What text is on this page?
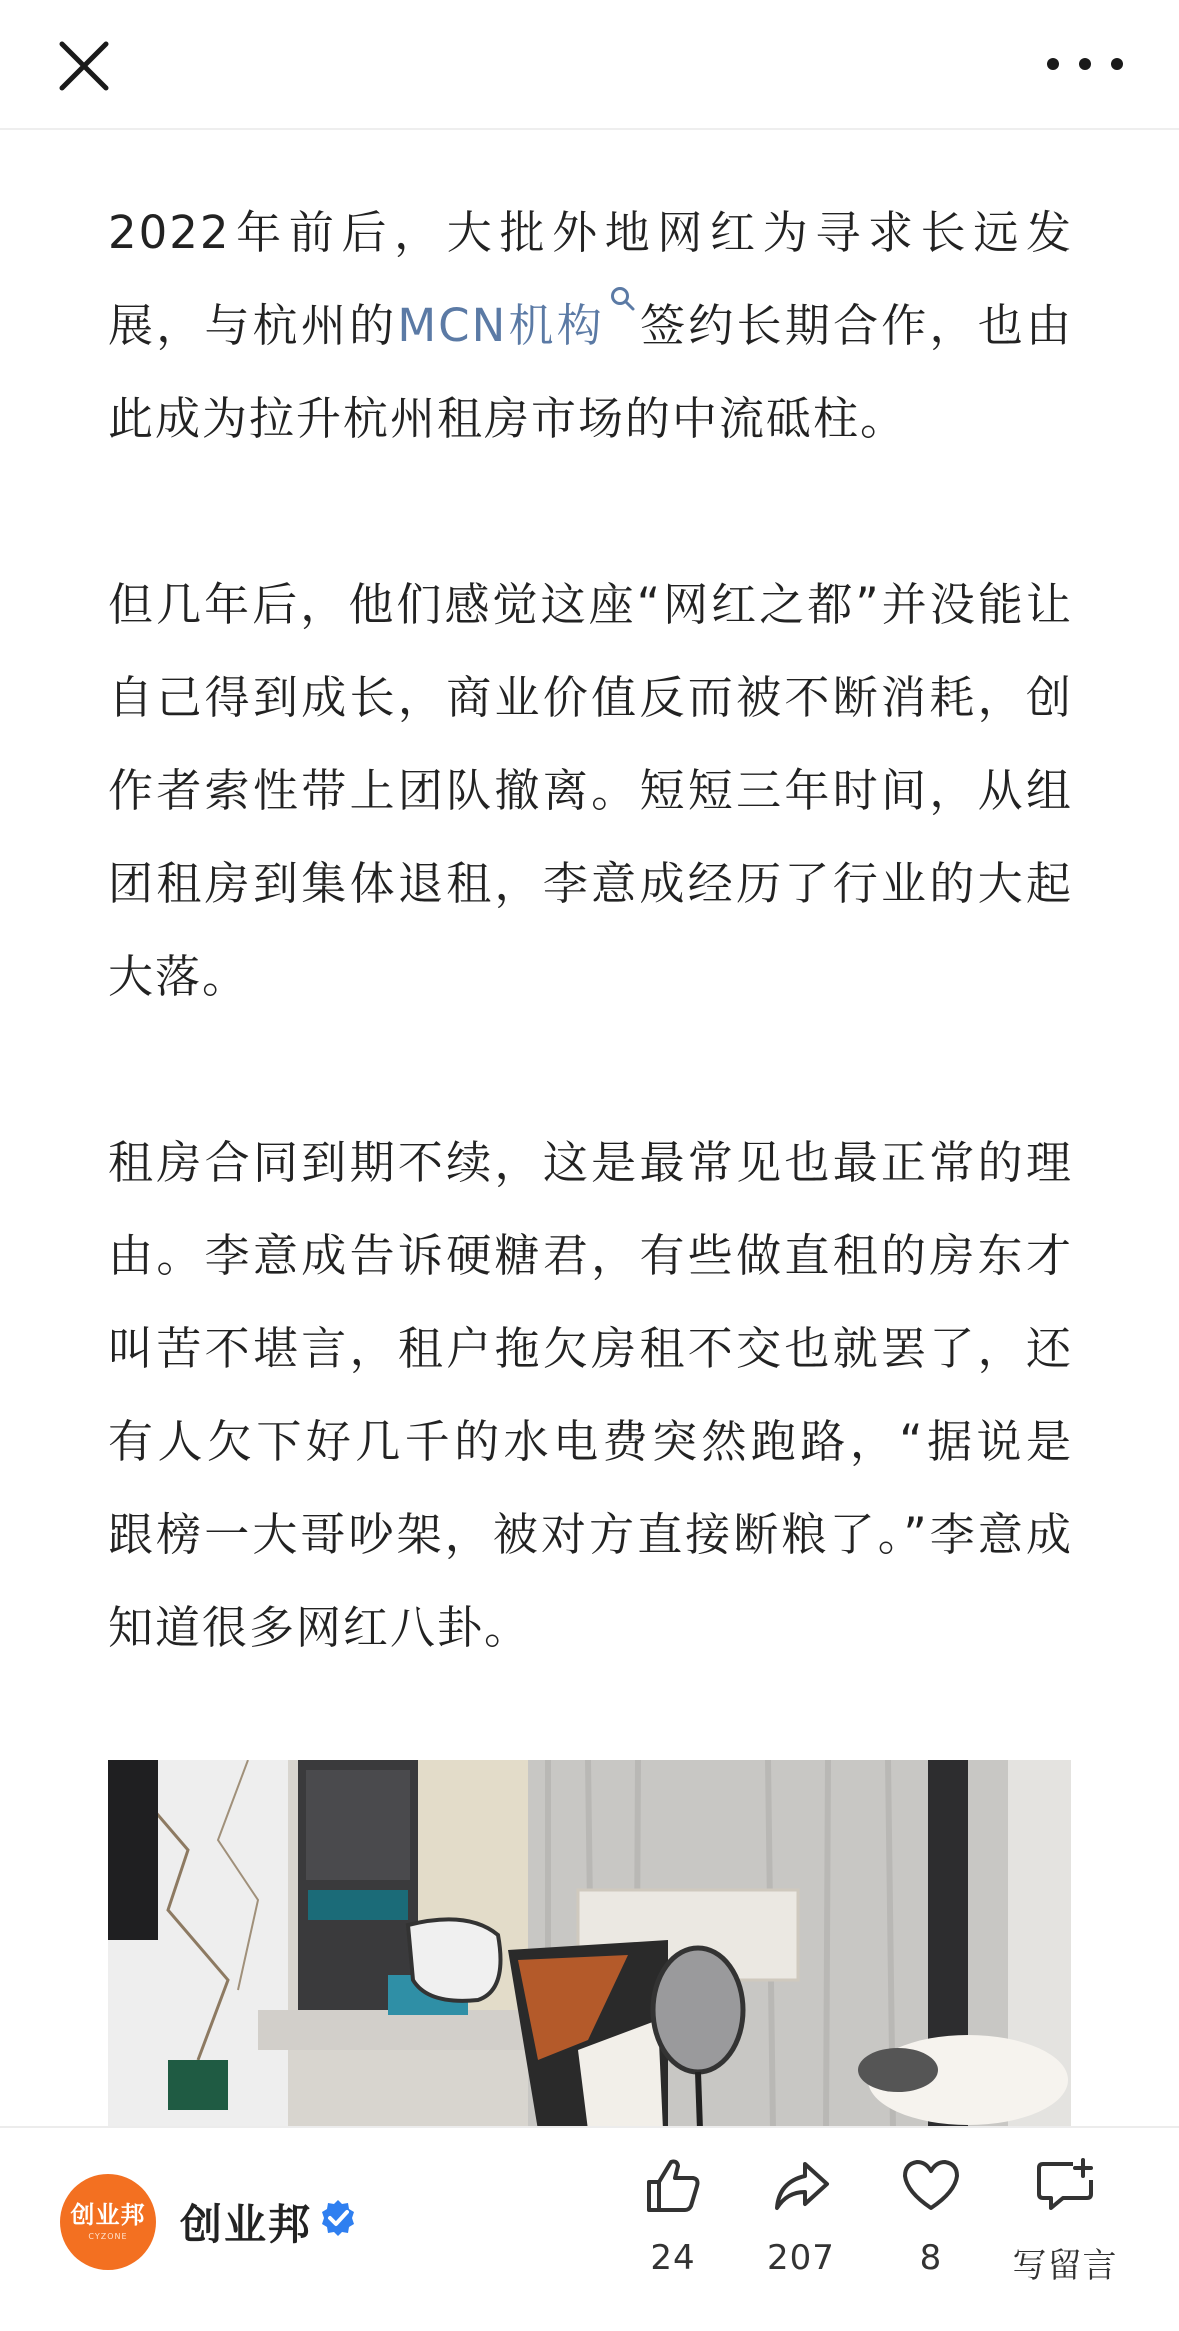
2022年前后，大批外地网红为寻求长远发展，与杭州的MCN机构 签约长期合作，也由此成为拉升杭州租房市场的中流砥柱。

但几年后，他们感觉这座“网红之都”并没能让自己得到成长，商业价值反而被不断消耗，创作者索性带上团队撤离。短短三年时间，从组团租房到集体退租，李意成经历了行业的大起大落。

租房合同到期不续，这是最常见也最正常的理由。李意成告诉硬糖君，有些做直租的房东才叫苦不堪言，租户拖欠房租不交也就罢了，还有人欠下好几千的水电费突然跑路，“据说是跟榜一大哥吵架，被对方直接断粮了。”李意成知道很多网红八卦。

创业邦
CYZONE	创业邦
24	207	8	写留言
